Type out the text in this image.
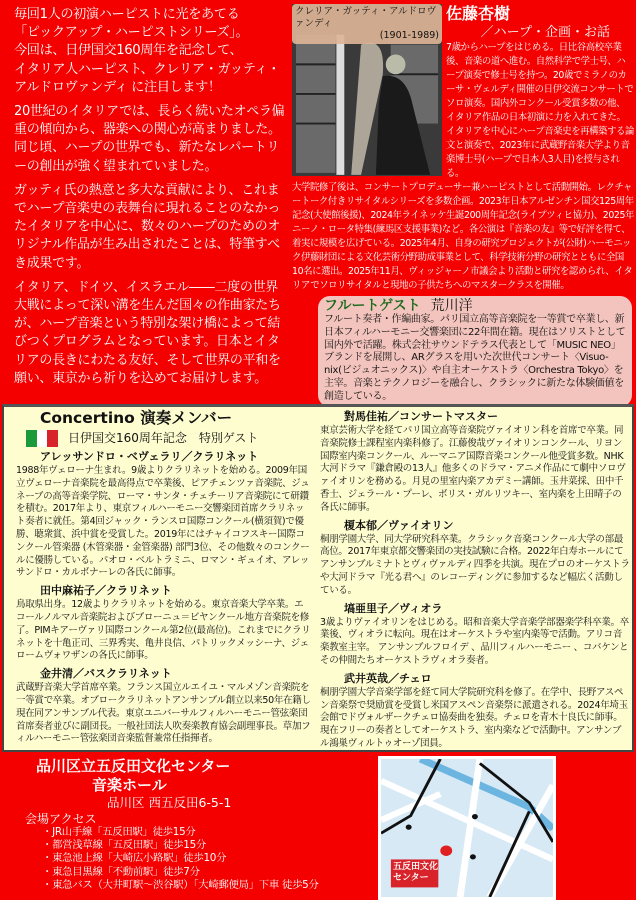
毎回1人の初演ハーピストに光をあてる
「ピックアップ・ハーピストシリーズ」。
今回は、日伊国交160周年を記念して、
イタリア人ハーピスト、クレリア・ガッティ・
アルドロヴァンディ に注目します！

20世紀のイタリアでは、長らく続いたオペラ偏重の傾向から、器楽への関心が高まりました。同じ頃、ハープの世界でも、新たなレパートリーの創出が強く望まれていました。

ガッティ氏の熱意と多大な貢献により、これまでハープ音楽史の表舞台に現れることのなかったイタリアを中心に、数々のハープのためのオリジナル作品が生み出されたことは、特筆すべき成果です。

イタリア、ドイツ、イスラエル――二度の世界大戦によって深い溝を生んだ国々の作曲家たちが、ハープ音楽という特別な架け橋によって結びつくプログラムとなっています。日本とイタリアの長きにわたる友好、そして世界の平和を願い、東京から祈りを込めてお届けします。

クレリア・ガッティ・アルドロヴァンディ
(1901-1989)
佐藤杏樹
／ハープ・企画・お話
7歳からハープをはじめる。日比谷高校卒業後、音楽の道へ進む。自然科学で学士号、ハープ演奏で修士号を持つ。20歳でミラノのカーサ・ヴェルディ開催の日伊交流コンサートでソロ演奏。国内外コンクール受賞多数の他、イタリア作品の日本初演に力を入れてきた。イタリアを中心にハープ音楽史を再構築する論文と演奏で、2023年に武蔵野音楽大学より音楽博士号(ハープで日本人3人目)を授与される。
大学院修了後は、コンサートプロデューサー兼ハーピストとして活動開始。レクチャートーク付きリサイタルシリーズを多数企画。2023年日本アルゼンチン国交125周年記念(大使館後援)、2024年ライネッケ生誕200周年記念(ライプツィヒ協力)、2025年ニーノ・ロータ特集(練馬区支援事業)など。各公演は『音楽の友』等で好評を得て、着実に規模を広げている。2025年4月、自身の研究プロジェクトが(公財)ハーモニック伊藤財団による文化芸術分野助成事業として、科学技術分野の研究とともに全国10名に選出。2025年11月、ヴィッジャーノ市議会より活動と研究を認められ、イタリアでソロリサイタルと現地の子供たちへのマスタークラスを開催。
フルートゲスト 荒川洋
フルート奏者・作編曲家。パリ国立高等音楽院を一等賞で卒業し、新日本フィルハーモニー交響楽団に22年間在籍。現在はソリストとして国内外で活躍。株式会社サウンドテラス代表として「MUSIC NEO」ブランドを展開し、ARグラスを用いた次世代コンサート〈Visuo-nix(ビジュオニックス)〉や自主オーケストラ〈Orchestra Tokyo〉を主宰。音楽とテクノロジーを融合し、クラシックに新たな体験価値を創造している。
Concertino 演奏メンバー
日伊国交160周年記念　特別ゲスト
アレッサンドロ・ベヴェラリ／クラリネット
1988年ヴェローナ生まれ。9歳よりクラリネットを始める。2009年国立ヴェローナ音楽院を最高得点で卒業後、ピアチェンツァ音楽院、ジュネーブの高等音楽学院、ローマ・サンタ・チェチーリア音楽院にて研鑽を積む。2017年より、東京フィルハーモニー交響楽団首席クラリネット奏者に就任。第4回ジャック・ランスロ国際コンクール(横須賀)で優勝、聴衆賞、浜中賞を受賞した。2019年にはチャイコフスキー国際コンクール管楽器 (木管楽器・金管楽器) 部門3位、その他数々のコンクールに優勝している。パオロ・ベルトラミニ、ロマン・ギュイオ、アレッサンドロ・カルボナーレの各氏に師事。
田中麻祐子／クラリネット
鳥取県出身。12歳よりクラリネットを始める。東京音楽大学卒業。エコールノルマル音楽院およびブローニュ＝ビヤンクール地方音楽院を修了。PIMキアーヴァリ国際コンクール第2位(最高位)。これまでにクラリネットを十亀正司、三界秀実、亀井良信、パトリックメッシーナ、ジェロームヴォワザンの各氏に師事。
金井清／バスクラリネット
武蔵野音楽大学首席卒業。フランス国立ルエイユ・マルメゾン音楽院を一等賞で卒業。オブロークラリネットアンサンブル創立以来50年在籍し現在同アンサンブル代表。東京ユニバーサルフィルハーモニー管弦楽団首席奏者並びに副団長。一般社団法人吹奏楽教育協会副理事長。草加フィルハーモニー管弦楽団音楽監督兼常任指揮者。
對馬佳祐／コンサートマスター
東京芸術大学を経てパリ国立高等音楽院ヴァイオリン科を首席で卒業。同音楽院修士課程室内楽科修了。江藤俊哉ヴァイオリンコンクール、リヨン国際室内楽コンクール、ルーマニア国際音楽コンクール他受賞多数。NHK大河ドラマ『鎌倉殿の13人』他多くのドラマ・アニメ作品にて劇中ソロヴァイオリンを務める。月見の里室内楽アカデミー講師。玉井菜採、田中千香士、ジェラール・プーレ、ボリス・ガルリツキー、室内楽を上田晴子の各氏に師事。
榎本郁／ヴァイオリン
桐朋学園大学、同大学研究科卒業。クラシック音楽コンクール大学の部最高位。2017年東京都交響楽団の実技試験に合格。2022年白寿ホールにてアンサンブルミナトとヴィヴァルディ四季を共演。現在プロのオーケストラや大河ドラマ『光る君へ』のレコーディングに参加するなど幅広く活動している。
塙亜里子／ヴィオラ
3歳よりヴァイオリンをはじめる。昭和音楽大学音楽学部器楽学科卒業。卒業後、ヴィオラに転向。現在はオーケストラや室内楽等で活動。アリコ音楽教室主宰。 アンサンブルフロイデ 、品川フィルハーモニー 、コバケンとその仲間たちオーケストラヴィオラ奏者。
武井英哉／チェロ
桐朋学園大学音楽学部を経て同大学院研究科を修了。在学中、長野アスペン音楽祭で奨励賞を受賞し米国アスペン音楽祭に派遣される。2024年埼玉会館でドヴォルザークチェロ協奏曲を独奏。チェロを青木十良氏に師事。現在フリーの奏者としてオーケストラ、室内楽などで活動中。アンサンブル鴻巣ヴィルトゥオーゾ団員。
品川区立五反田文化センター
音楽ホール
品川区 西五反田6-5-1
会場アクセス
・JR山手線「五反田駅」徒歩15分
・都営浅草線「五反田駅」徒歩15分
・東急池上線「大崎広小路駅」徒歩10分
・東急目黒線「不動前駅」徒歩7分
・東急バス（大井町駅～渋谷駅）「大崎郵便局」下車 徒歩5分
五反田文化
センター
